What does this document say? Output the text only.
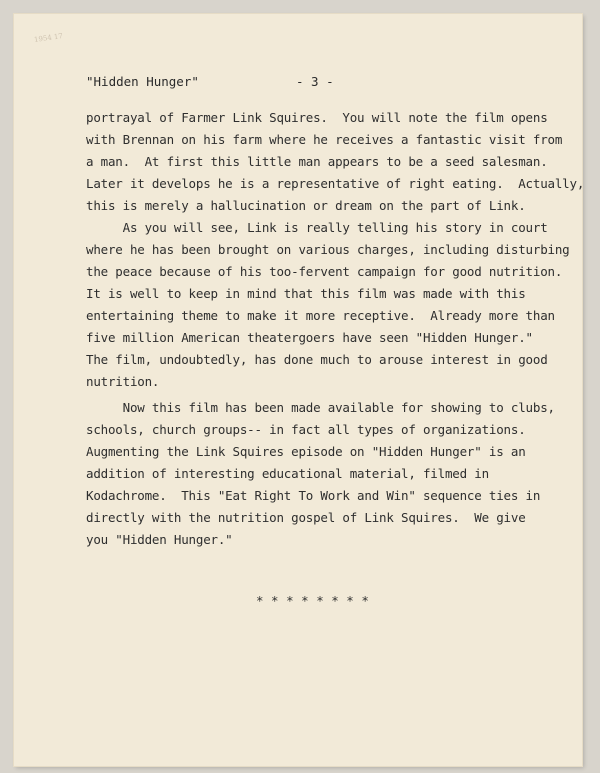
1954 17
"Hidden Hunger"	- 3 -
portrayal of Farmer Link Squires.  You will note the film opens
with Brennan on his farm where he receives a fantastic visit from
a man.  At first this little man appears to be a seed salesman.
Later it develops he is a representative of right eating.  Actually,
this is merely a hallucination or dream on the part of Link.
As you will see, Link is really telling his story in court
where he has been brought on various charges, including disturbing
the peace because of his too-fervent campaign for good nutrition.
It is well to keep in mind that this film was made with this
entertaining theme to make it more receptive.  Already more than
five million American theatergoers have seen "Hidden Hunger."
The film, undoubtedly, has done much to arouse interest in good
nutrition.
Now this film has been made available for showing to clubs,
schools, church groups-- in fact all types of organizations.
Augmenting the Link Squires episode on "Hidden Hunger" is an
addition of interesting educational material, filmed in
Kodachrome.  This "Eat Right To Work and Win" sequence ties in
directly with the nutrition gospel of Link Squires.  We give
you "Hidden Hunger."
* * * * * * * *
